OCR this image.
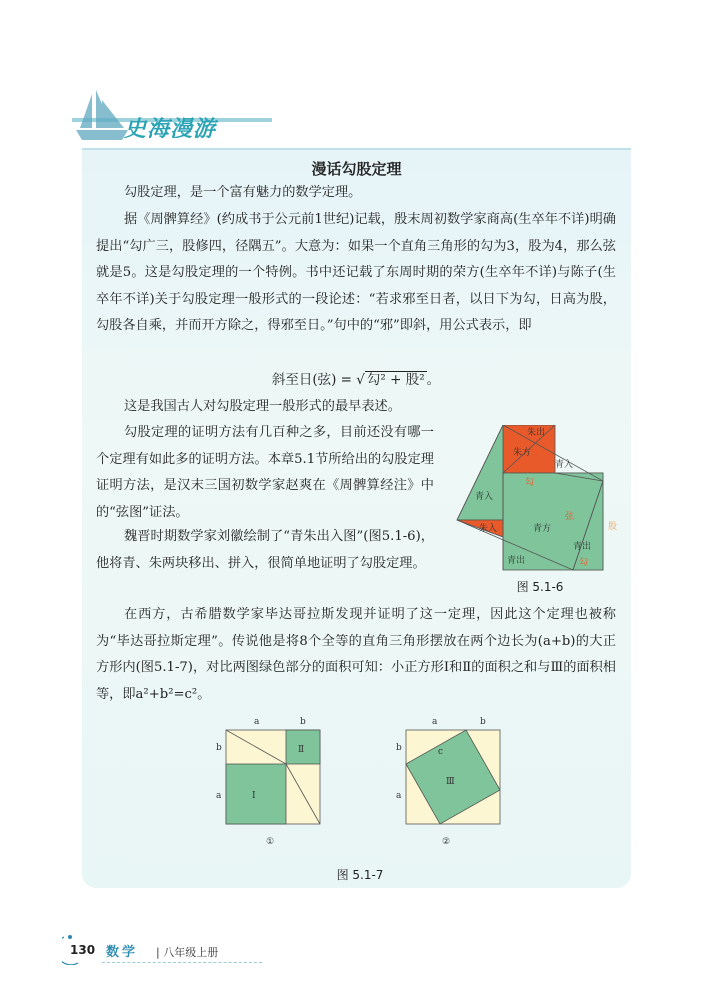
史海漫游
漫话勾股定理
勾股定理，是一个富有魅力的数学定理。
据《周髀算经》(约成书于公元前1世纪)记载，殷末周初数学家商高(生卒年不详)明确提出“勾广三，股修四，径隅五”。大意为：如果一个直角三角形的勾为3，股为4，那么弦就是5。这是勾股定理的一个特例。书中还记载了东周时期的荣方(生卒年不详)与陈子(生卒年不详)关于勾股定理一般形式的一段论述：“若求邪至日者，以日下为勾，日高为股，勾股各自乘，并而开方除之，得邪至日。”句中的“邪”即斜，用公式表示，即
斜至日(弦) = √ 勾² + 股² 。
这是我国古人对勾股定理一般形式的最早表述。
勾股定理的证明方法有几百种之多，目前还没有哪一个定理有如此多的证明方法。本章5.1节所给出的勾股定理证明方法，是汉末三国初数学家赵爽在《周髀算经注》中的“弦图”证法。
魏晋时期数学家刘徽绘制了“青朱出入图”(图5.1-6)，他将青、朱两块移出、拼入，很简单地证明了勾股定理。
朱出
朱方
青入
青入
勾
朱入	青方
弦
青出
青出
股
勾
图 5.1-6
在西方，古希腊数学家毕达哥拉斯发现并证明了这一定理，因此这个定理也被称为“毕达哥拉斯定理”。传说他是将8个全等的直角三角形摆放在两个边长为(a+b)的大正方形内(图5.1-7)，对比两图绿色部分的面积可知：小正方形Ⅰ和Ⅱ的面积之和与Ⅲ的面积相等，即a²+b²=c²。
a	b
b
a	Ⅰ
Ⅱ
①
a	b
b
a
c
Ⅲ
②
图 5.1-7
130 数学 | 八年级上册
